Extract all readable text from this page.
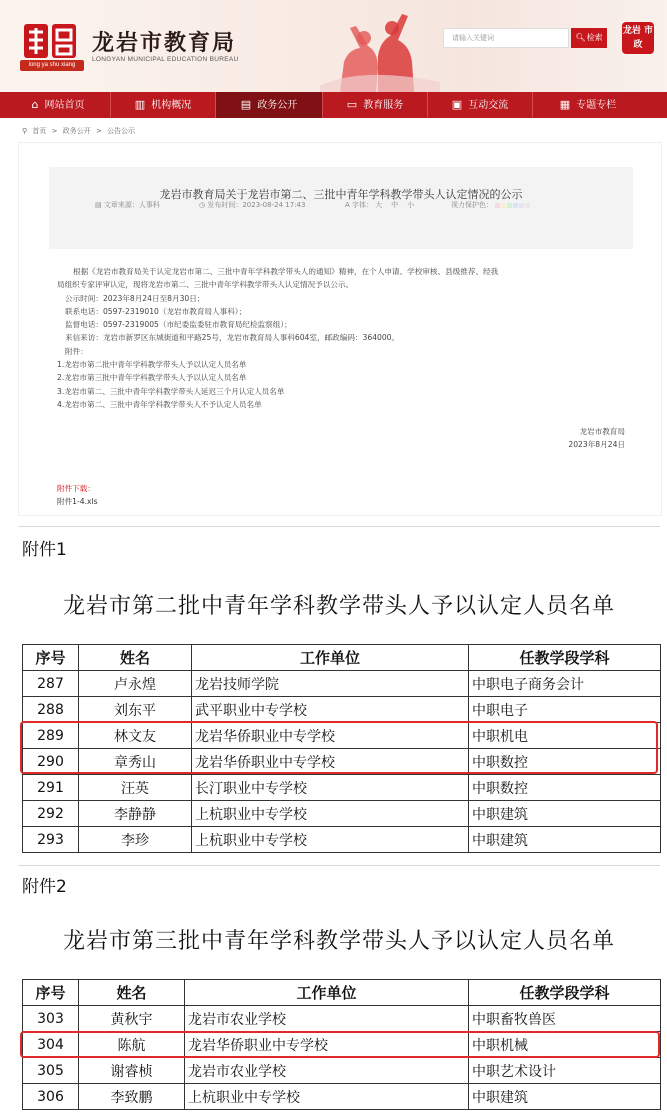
long ya shu xiang
龙岩市教育局
LONGYAN MUNICIPAL EDUCATION BUREAU
请输入关键词	🔍︎检索
龙岩 市政
⌂ 网站首页	▥ 机构概况	▤ 政务公开	▭ 教育服务	▣ 互动交流	▦ 专题专栏
⚲ 首页 > 政务公开 > 公告公示
龙岩市教育局关于龙岩市第二、三批中青年学科教学带头人认定情况的公示
▤ 文章来源：人事科	◷ 发布时间：2023-08-24 17:43	A 字体： 大 中 小	视力保护色：

根据《龙岩市教育局关于认定龙岩市第二、三批中青年学科教学带头人的通知》精神，在个人申请、学校审核、县级推荐、经我

局组织专家评审认定，现将龙岩市第二、三批中青年学科教学带头人认定情况予以公示。

公示时间：2023年8月24日至8月30日；

联系电话：0597-2319010（龙岩市教育局人事科）；

监督电话：0597-2319005（市纪委监委驻市教育局纪检监察组）；

来信来访：龙岩市新罗区东城街道和平路25号，龙岩市教育局人事科604室，邮政编码：364000。

附件：

1.龙岩市第二批中青年学科教学带头人予以认定人员名单

2.龙岩市第三批中青年学科教学带头人予以认定人员名单

3.龙岩市第二、三批中青年学科教学带头人延迟三个月认定人员名单

4.龙岩市第二、三批中青年学科教学带头人不予认定人员名单

龙岩市教育局
2023年8月24日
附件下载：
附件1-4.xls
附件1
龙岩市第二批中青年学科教学带头人予以认定人员名单
序号	姓名	工作单位	任教学段学科
287	卢永煌	龙岩技师学院	中职电子商务会计
288	刘东平	武平职业中专学校	中职电子
289	林文友	龙岩华侨职业中专学校	中职机电
290	章秀山	龙岩华侨职业中专学校	中职数控
291	汪英	长汀职业中专学校	中职数控
292	李静静	上杭职业中专学校	中职建筑
293	李珍	上杭职业中专学校	中职建筑
附件2
龙岩市第三批中青年学科教学带头人予以认定人员名单
序号	姓名	工作单位	任教学段学科
303	黄秋宇	龙岩市农业学校	中职畜牧兽医
304	陈航	龙岩华侨职业中专学校	中职机械
305	谢睿桢	龙岩市农业学校	中职艺术设计
306	李致鹏	上杭职业中专学校	中职建筑
